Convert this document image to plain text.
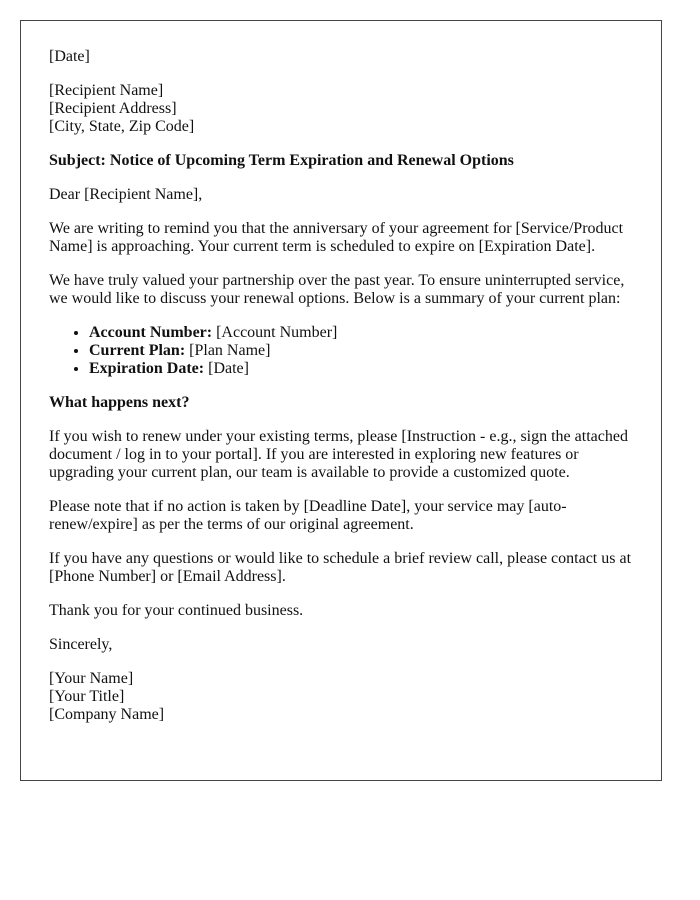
[Date]

[Recipient Name]
[Recipient Address]
[City, State, Zip Code]

Subject: Notice of Upcoming Term Expiration and Renewal Options

Dear [Recipient Name],

We are writing to remind you that the anniversary of your agreement for [Service/Product Name] is approaching. Your current term is scheduled to expire on [Expiration Date].

We have truly valued your partnership over the past year. To ensure uninterrupted service, we would like to discuss your renewal options. Below is a summary of your current plan:

• Account Number: [Account Number]
• Current Plan: [Plan Name]
• Expiration Date: [Date]

What happens next?

If you wish to renew under your existing terms, please [Instruction - e.g., sign the attached document / log in to your portal]. If you are interested in exploring new features or upgrading your current plan, our team is available to provide a customized quote.

Please note that if no action is taken by [Deadline Date], your service may [auto-renew/expire] as per the terms of our original agreement.

If you have any questions or would like to schedule a brief review call, please contact us at [Phone Number] or [Email Address].

Thank you for your continued business.

Sincerely,

[Your Name]
[Your Title]
[Company Name]
